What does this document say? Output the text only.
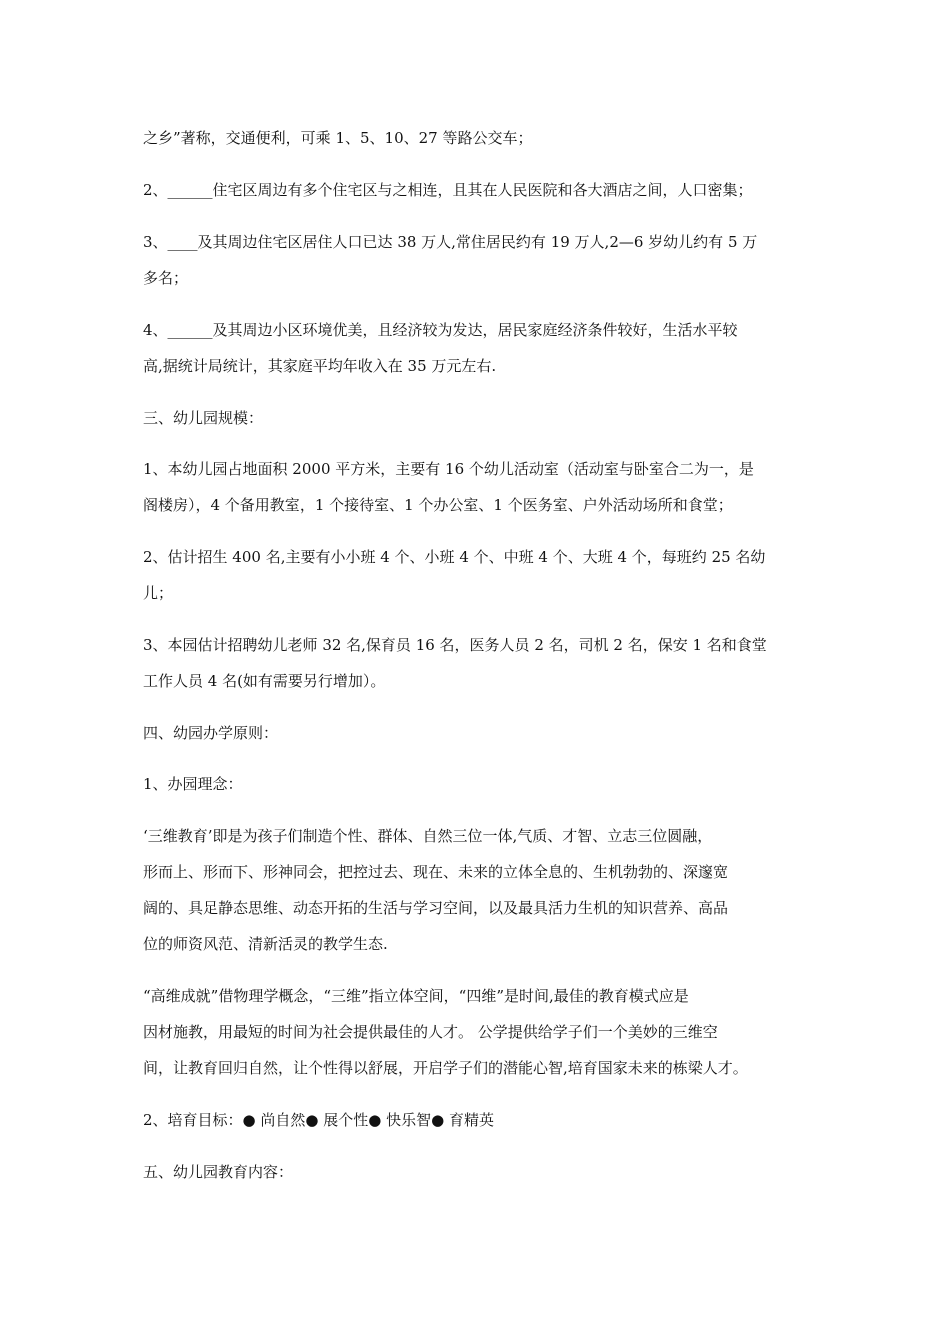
之乡”著称，交通便利，可乘 1、5、10、27 等路公交车；

2、______住宅区周边有多个住宅区与之相连，且其在人民医院和各大酒店之间，人口密集；

3、____及其周边住宅区居住人口已达 38 万人,常住居民约有 19 万人,2—6 岁幼儿约有 5 万

多名；

4、______及其周边小区环境优美，且经济较为发达，居民家庭经济条件较好，生活水平较

高,据统计局统计，其家庭平均年收入在 35 万元左右.

三、幼儿园规模：

1、本幼儿园占地面积 2000 平方米，主要有 16 个幼儿活动室（活动室与卧室合二为一，是

阁楼房），4 个备用教室，1 个接待室、1 个办公室、1 个医务室、户外活动场所和食堂；

2、估计招生 400 名,主要有小小班 4 个、小班 4 个、中班 4 个、大班 4 个，每班约 25 名幼

儿；

3、本园估计招聘幼儿老师 32 名,保育员 16 名，医务人员 2 名，司机 2 名，保安 1 名和食堂

工作人员 4 名(如有需要另行增加）。

四、幼园办学原则：

1、办园理念：

‘三维教育’即是为孩子们制造个性、群体、自然三位一体,气质、才智、立志三位圆融，

形而上、形而下、形神同会，把控过去、现在、未来的立体全息的、生机勃勃的、深邃宽

阔的、具足静态思维、动态开拓的生活与学习空间，以及最具活力生机的知识营养、高品

位的师资风范、清新活灵的教学生态.

“高维成就”借物理学概念，“三维”指立体空间，“四维”是时间,最佳的教育模式应是

因材施教，用最短的时间为社会提供最佳的人才。 公学提供给学子们一个美妙的三维空

间，让教育回归自然，让个性得以舒展，开启学子们的潜能心智,培育国家未来的栋梁人才。

2、培育目标：● 尚自然● 展个性● 快乐智● 育精英

五、幼儿园教育内容：
